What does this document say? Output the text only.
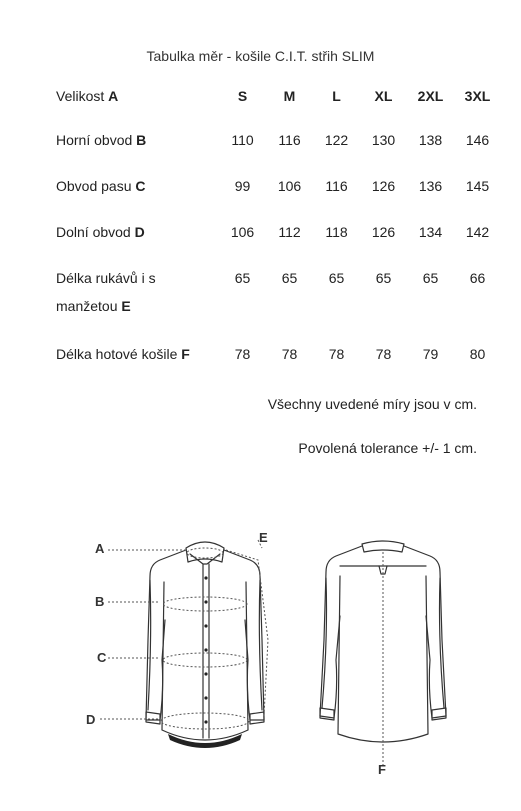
Tabulka měr - košile C.I.T. střih SLIM
Velikost A	S	M	L	XL	2XL	3XL
Horní obvod B	110	116	122	130	138	146
Obvod pasu C	99	106	116	126	136	145
Dolní obvod D	106	112	118	126	134	142
Délka rukávů i s manžetou E	65	65	65	65	65	66
Délka hotové košile F	78	78	78	78	79	80
Všechny uvedené míry jsou v cm.
Povolená tolerance +/- 1 cm.
A
B
C
D
E
F
